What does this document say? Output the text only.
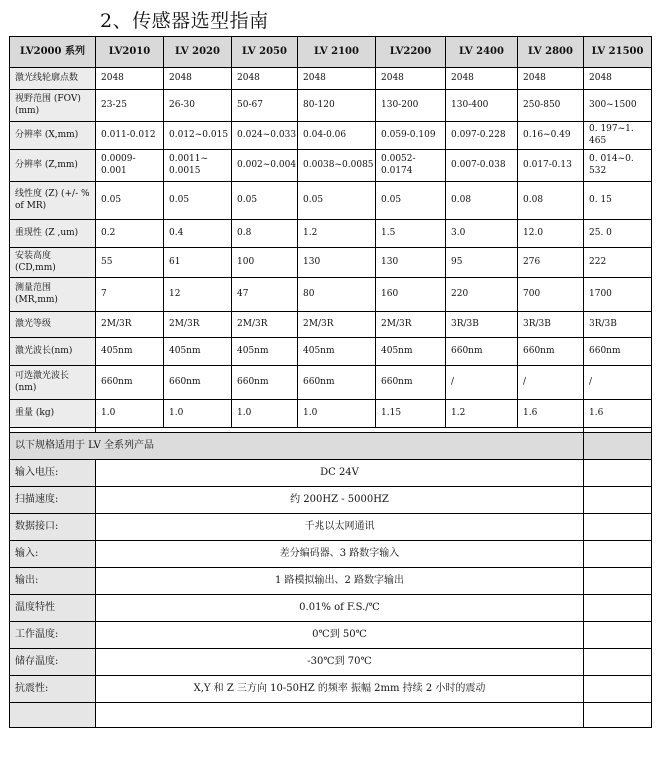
2、传感器选型指南
LV2000 系列	LV2010	LV 2020	LV 2050	LV 2100	LV2200	LV 2400	LV 2800	LV 21500
激光线轮廓点数	2048	2048	2048	2048	2048	2048	2048	2048
视野范围 (FOV) (mm)	23-25	26-30	50-67	80-120	130-200	130-400	250-850	300~1500
分辨率 (X,mm)	0.011-0.012	0.012~0.015	0.024~0.033	0.04-0.06	0.059-0.109	0.097-0.228	0.16~0.49	0. 197~1. 465
分辨率 (Z,mm)	0.0009-0.001	0.0011~ 0.0015	0.002~0.004	0.0038~0.0085	0.0052- 0.0174	0.007-0.038	0.017-0.13	0. 014~0. 532
线性度 (Z) (+/- % of MR)	0.05	0.05	0.05	0.05	0.05	0.08	0.08	0. 15
重现性 (Z ,um)	0.2	0.4	0.8	1.2	1.5	3.0	12.0	25. 0
安装高度 (CD,mm)	55	61	100	130	130	95	276	222
测量范围 (MR,mm)	7	12	47	80	160	220	700	1700
激光等级	2M/3R	2M/3R	2M/3R	2M/3R	2M/3R	3R/3B	3R/3B	3R/3B
激光波长(nm)	405nm	405nm	405nm	405nm	405nm	660nm	660nm	660nm
可选激光波长 (nm)	660nm	660nm	660nm	660nm	660nm	/	/	/
重量 (kg)	1.0	1.0	1.0	1.0	1.15	1.2	1.6	1.6

以下规格适用于 LV 全系列产品								
输入电压:	DC 24V							
扫描速度:	约 200HZ - 5000HZ							
数据接口:	千兆以太网通讯							
输入:	差分编码器、3 路数字输入							
输出:	1 路模拟输出、2 路数字输出							
温度特性	0.01% of F.S./℃							
工作温度:	0℃到 50℃							
储存温度:	-30℃到 70℃							
抗震性:	X,Y 和 Z 三方向 10-50HZ 的频率 振幅 2mm 持续 2 小时的震动							
